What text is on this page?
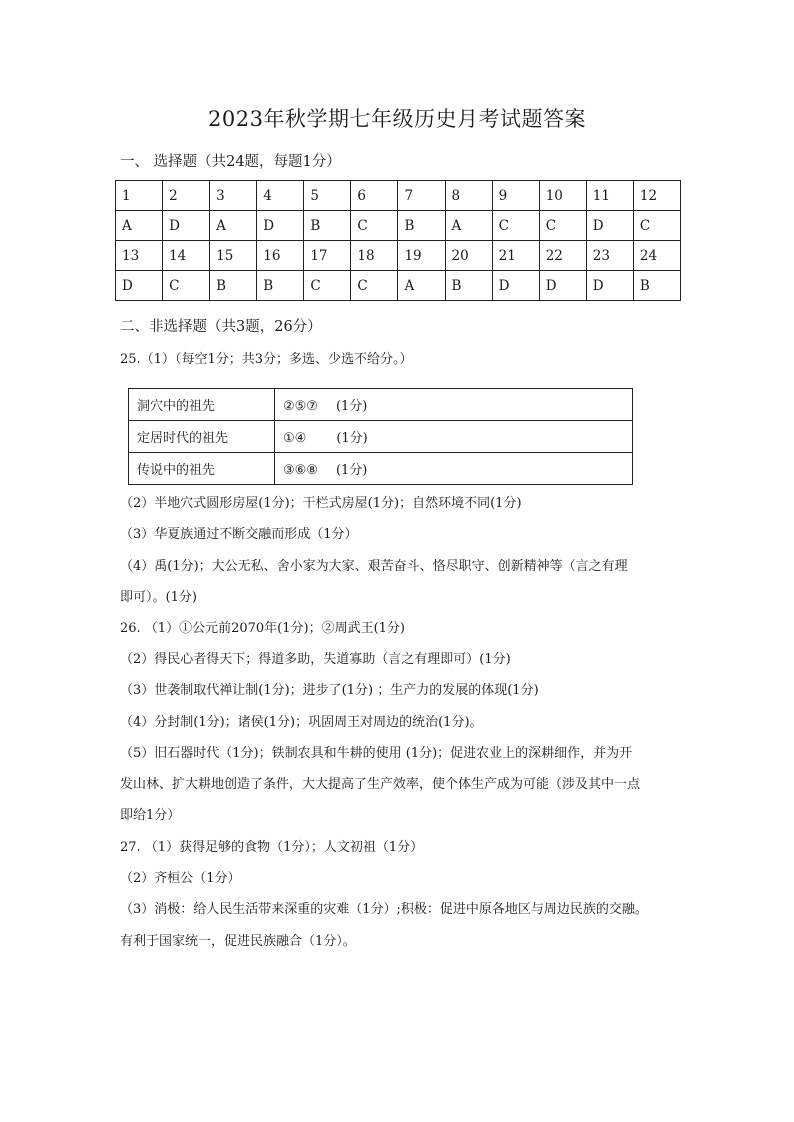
2023年秋学期七年级历史月考试题答案
一、 选择题（共24题，每题1分）
1	2	3	4	5	6	7	8	9	10	11	12
A	D	A	D	B	C	B	A	C	C	D	C
13	14	15	16	17	18	19	20	21	22	23	24
D	C	B	B	C	C	A	B	D	D	D	B
二、非选择题（共3题，26分）
25.（1）（每空1分；共3分；多选、少选不给分。）
洞穴中的祖先	②⑤⑦ (1分)
定居时代的祖先	①④ (1分)
传说中的祖先	③⑥⑧ (1分)
（2）半地穴式圆形房屋(1分)；干栏式房屋(1分)；自然环境不同(1分)
（3）华夏族通过不断交融而形成（1分）
（4）禹(1分)；大公无私、舍小家为大家、艰苦奋斗、恪尽职守、创新精神等（言之有理
即可）。(1分)
26. （1）①公元前2070年(1分)；②周武王(1分)
（2）得民心者得天下；得道多助，失道寡助（言之有理即可）(1分)
（3）世袭制取代禅让制(1分)；进步了(1分) ；生产力的发展的体现(1分)
（4）分封制(1分)；诸侯(1分)；巩固周王对周边的统治(1分)。
（5）旧石器时代（1分)；铁制农具和牛耕的使用 (1分)；促进农业上的深耕细作，并为开
发山林、扩大耕地创造了条件，大大提高了生产效率，使个体生产成为可能（涉及其中一点
即给1分）
27. （1）获得足够的食物（1分）；人文初祖（1分）
（2）齐桓公（1分）
（3）消极：给人民生活带来深重的灾难（1分）;积极：促进中原各地区与周边民族的交融。
有利于国家统一，促进民族融合（1分）。
